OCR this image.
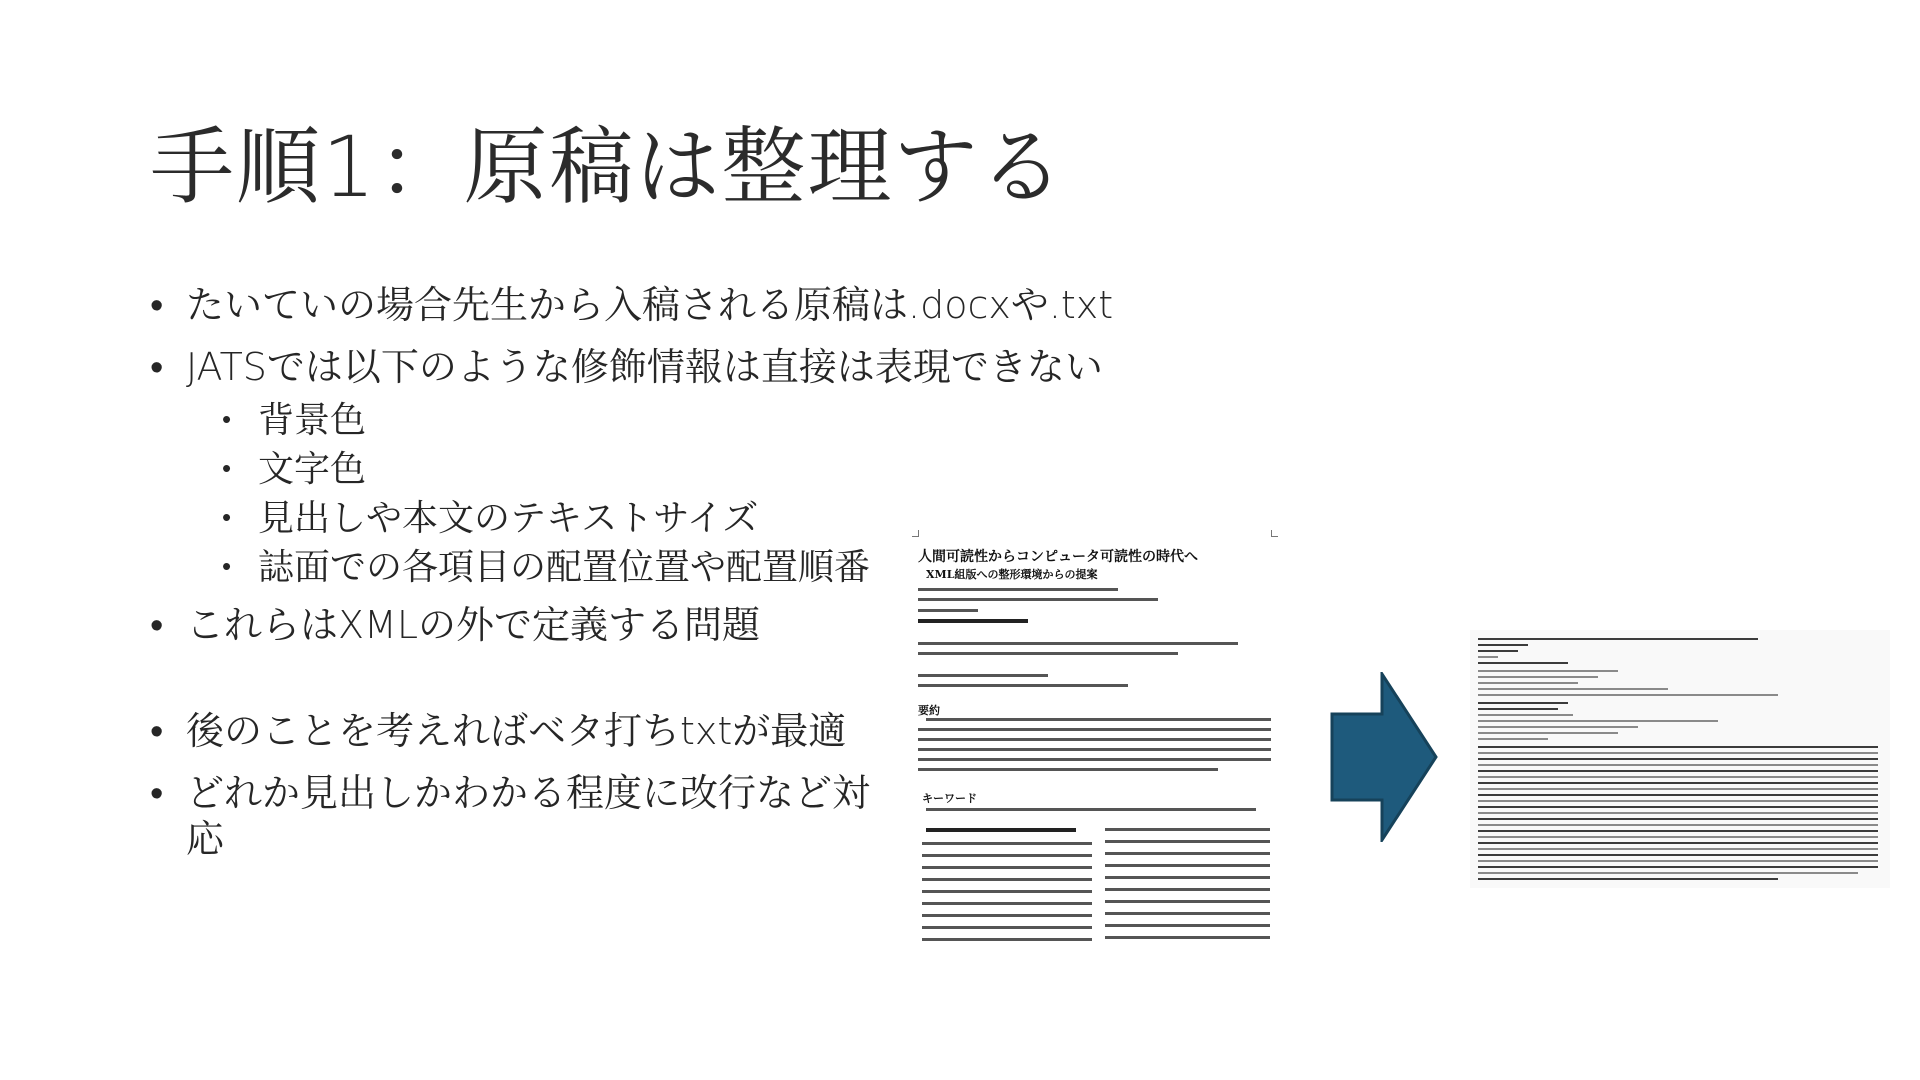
手順1：原稿は整理する
• たいていの場合先生から入稿される原稿は.docxや.txt
• JATSでは以下のような修飾情報は直接は表現できない
• 背景色
• 文字色
• 見出しや本文のテキストサイズ
• 誌面での各項目の配置位置や配置順番
• これらはXMLの外で定義する問題
• 後のことを考えればベタ打ちtxtが最適
• どれか見出しかわかる程度に改行など対応
人間可読性からコンピュータ可読性の時代へ
XML組版への整形環境からの提案
要約
キーワード
